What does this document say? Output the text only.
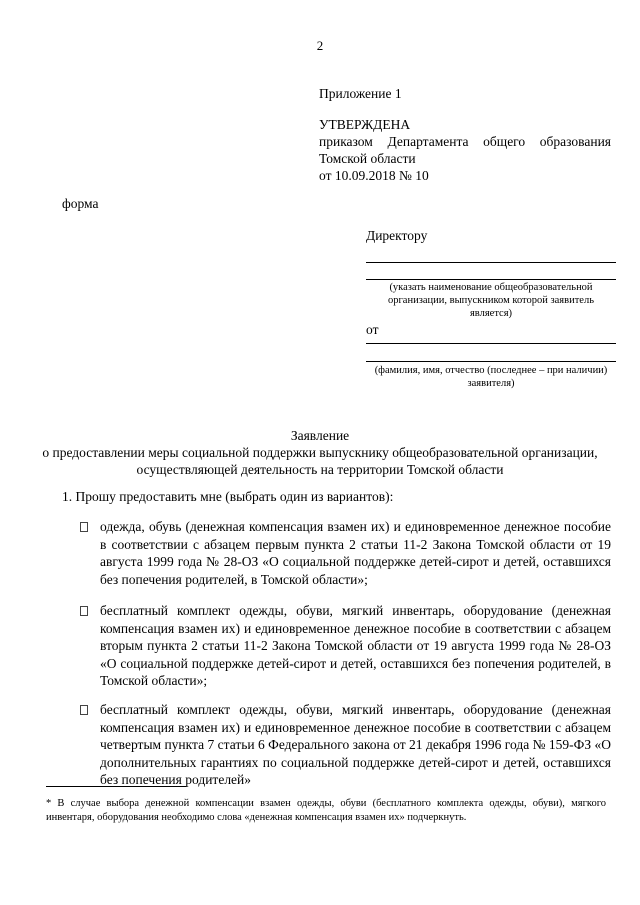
2
Приложение 1
УТВЕРЖДЕНА
приказом Департамента общего образования
Томской области
от 10.09.2018 № 10
форма
Директору
(указать наименование общеобразовательной организации, выпускником которой заявитель является)
от
(фамилия, имя, отчество (последнее – при наличии) заявителя)
Заявление
о предоставлении меры социальной поддержки выпускнику общеобразовательной организации, осуществляющей деятельность на территории Томской области
1. Прошу предоставить мне (выбрать один из вариантов):
одежда, обувь (денежная компенсация взамен их) и единовременное денежное пособие в соответствии с абзацем первым пункта 2 статьи 11-2 Закона Томской области от 19 августа 1999 года № 28-ОЗ «О социальной поддержке детей-сирот и детей, оставшихся без попечения родителей, в Томской области»;
бесплатный комплект одежды, обуви, мягкий инвентарь, оборудование (денежная компенсация взамен их) и единовременное денежное пособие в соответствии с абзацем вторым пункта 2 статьи 11-2 Закона Томской области от 19 августа 1999 года № 28-ОЗ «О социальной поддержке детей-сирот и детей, оставшихся без попечения родителей, в Томской области»;
бесплатный комплект одежды, обуви, мягкий инвентарь, оборудование (денежная компенсация взамен их) и единовременное денежное пособие в соответствии с абзацем четвертым пункта 7 статьи 6 Федерального закона от 21 декабря 1996 года № 159-ФЗ «О дополнительных гарантиях по социальной поддержке детей-сирот и детей, оставшихся без попечения родителей»
* В случае выбора денежной компенсации взамен одежды, обуви (бесплатного комплекта одежды, обуви), мягкого инвентаря, оборудования необходимо слова «денежная компенсация взамен их» подчеркнуть.
